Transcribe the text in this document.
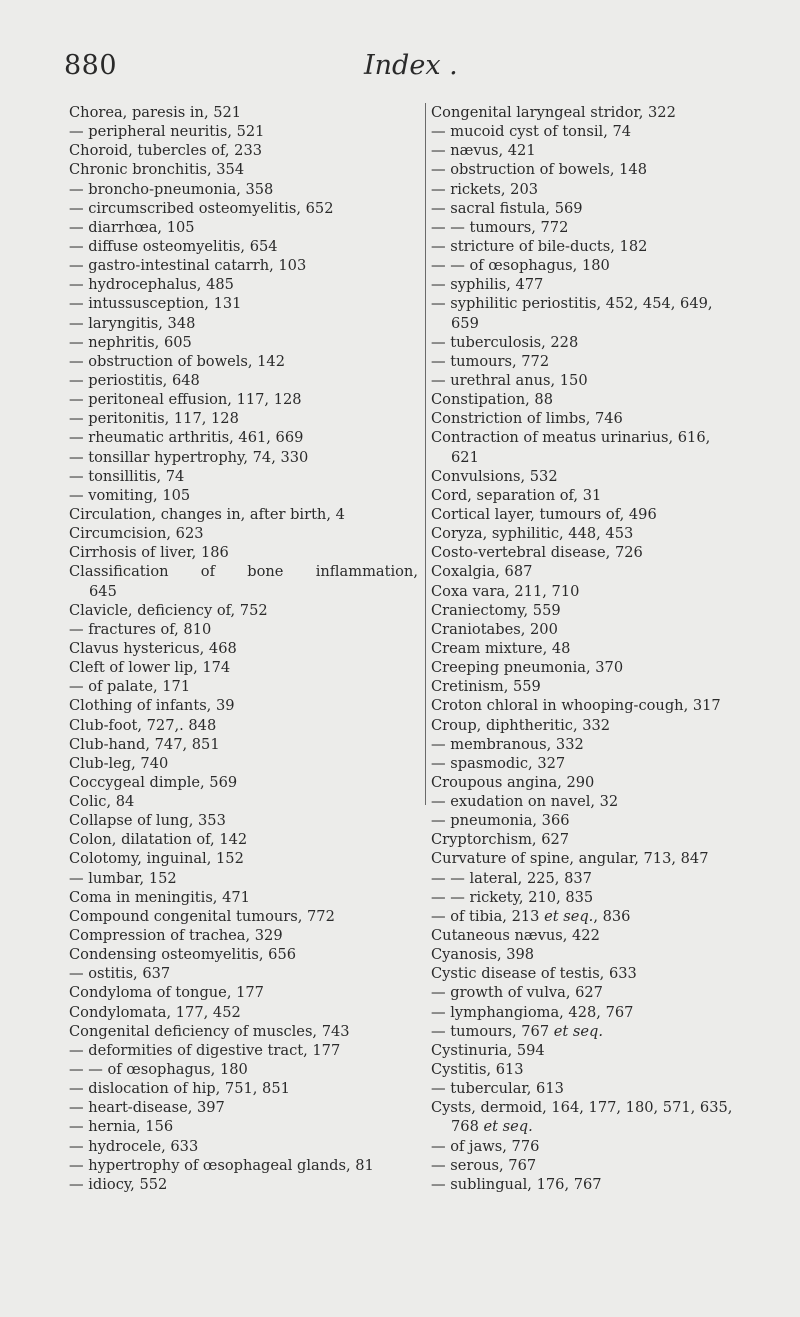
880	Index .
Chorea, paresis in, 521
— peripheral neuritis, 521
Choroid, tubercles of, 233
Chronic bronchitis, 354
— broncho-pneumonia, 358
— circumscribed osteomyelitis, 652
— diarrhœa, 105
— diffuse osteomyelitis, 654
— gastro-intestinal catarrh, 103
— hydrocephalus, 485
— intussusception, 131
— laryngitis, 348
— nephritis, 605
— obstruction of bowels, 142
— periostitis, 648
— peritoneal effusion, 117, 128
— peritonitis, 117, 128
— rheumatic arthritis, 461, 669
— tonsillar hypertrophy, 74, 330
— tonsillitis, 74
— vomiting, 105
Circulation, changes in, after birth, 4
Circumcision, 623
Cirrhosis of liver, 186
Classification of bone inflammation,
645
Clavicle, deficiency of, 752
— fractures of, 810
Clavus hystericus, 468
Cleft of lower lip, 174
— of palate, 171
Clothing of infants, 39
Club-foot, 727,. 848
Club-hand, 747, 851
Club-leg, 740
Coccygeal dimple, 569
Colic, 84
Collapse of lung, 353
Colon, dilatation of, 142
Colotomy, inguinal, 152
— lumbar, 152
Coma in meningitis, 471
Compound congenital tumours, 772
Compression of trachea, 329
Condensing osteomyelitis, 656
— ostitis, 637
Condyloma of tongue, 177
Condylomata, 177, 452
Congenital deficiency of muscles, 743
— deformities of digestive tract, 177
— — of œsophagus, 180
— dislocation of hip, 751, 851
— heart-disease, 397
— hernia, 156
— hydrocele, 633
— hypertrophy of œsophageal glands, 81
— idiocy, 552
Congenital laryngeal stridor, 322
— mucoid cyst of tonsil, 74
— nævus, 421
— obstruction of bowels, 148
— rickets, 203
— sacral fistula, 569
— — tumours, 772
— stricture of bile-ducts, 182
— — of œsophagus, 180
— syphilis, 477
— syphilitic periostitis, 452, 454, 649,
659
— tuberculosis, 228
— tumours, 772
— urethral anus, 150
Constipation, 88
Constriction of limbs, 746
Contraction of meatus urinarius, 616,
621
Convulsions, 532
Cord, separation of, 31
Cortical layer, tumours of, 496
Coryza, syphilitic, 448, 453
Costo-vertebral disease, 726
Coxalgia, 687
Coxa vara, 211, 710
Craniectomy, 559
Craniotabes, 200
Cream mixture, 48
Creeping pneumonia, 370
Cretinism, 559
Croton chloral in whooping-cough, 317
Croup, diphtheritic, 332
— membranous, 332
— spasmodic, 327
Croupous angina, 290
— exudation on navel, 32
— pneumonia, 366
Cryptorchism, 627
Curvature of spine, angular, 713, 847
— — lateral, 225, 837
— — rickety, 210, 835
— of tibia, 213 et seq., 836
Cutaneous nævus, 422
Cyanosis, 398
Cystic disease of testis, 633
— growth of vulva, 627
— lymphangioma, 428, 767
— tumours, 767 et seq.
Cystinuria, 594
Cystitis, 613
— tubercular, 613
Cysts, dermoid, 164, 177, 180, 571, 635,
768 et seq.
— of jaws, 776
— serous, 767
— sublingual, 176, 767
